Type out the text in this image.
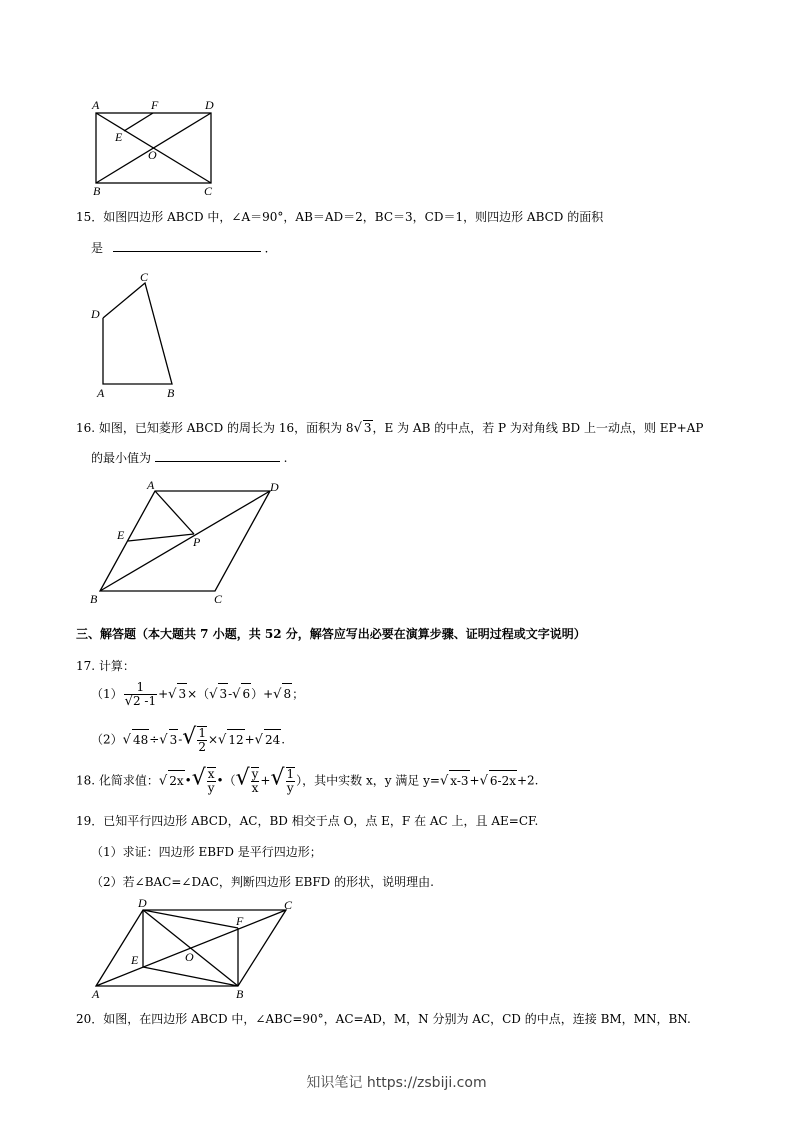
A	F	D
E
O
B	C
15．如图四边形 ABCD 中，∠A＝90°，AB＝AD＝2，BC＝3，CD＝1，则四边形 ABCD 的面积
是	．
C
D
A	B
16. 如图，已知菱形 ABCD 的周长为 16，面积为 8√ 3，E 为 AB 的中点，若 P 为对角线 BD 上一动点，则 EP+AP
的最小值为	.
A	D
E	P
B	C
三、解答题（本大题共 7 小题，共 52 分，解答应写出必要在演算步骤、证明过程或文字说明）
17. 计算：
$(1) \frac{1}{√2 -1}$ +√ 3×（√ 3-√ 6）+√ 8；
（2）√ 48÷√ $3-√ \frac{1}{2}$ ×√ 12+√ 24.
18. 化简求值：√ 2x•√ $\frac{x}{y}$ •（√ $\frac{y}{x}$ +√ $\frac{1}{y}$ ），其中实数 x，y 满足 y=√ x-3+√ 6-2x+2.
19．已知平行四边形 ABCD，AC，BD 相交于点 O，点 E，F 在 AC 上，且 AE=CF.
（1）求证：四边形 EBFD 是平行四边形；
（2）若∠BAC=∠DAC，判断四边形 EBFD 的形状，说明理由.
D	C
F
E	O
A	B
20．如图，在四边形 ABCD 中，∠ABC=90°，AC=AD，M，N 分别为 AC，CD 的中点，连接 BM，MN，BN.
知识笔记 https://zsbiji.com
